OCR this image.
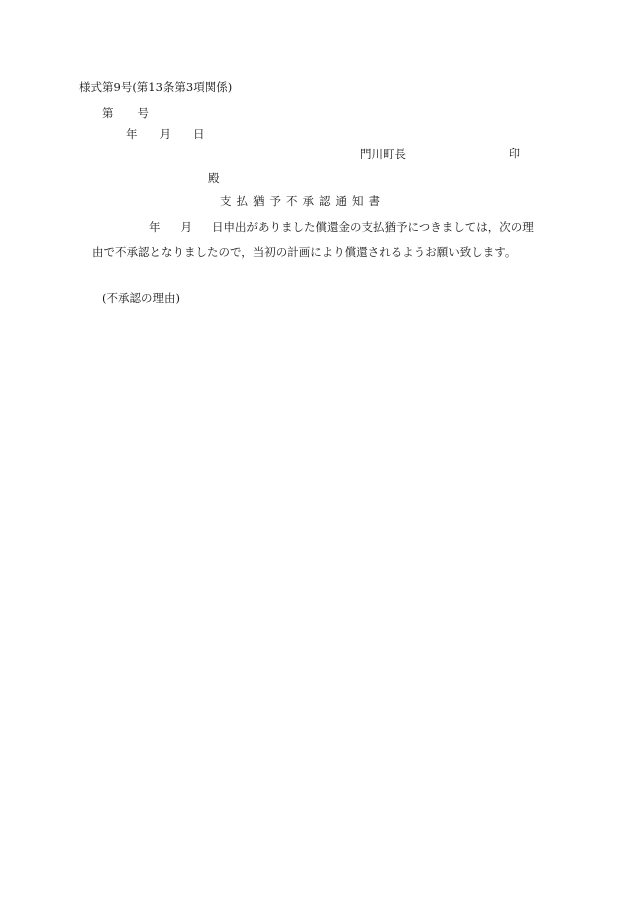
様式第9号(第13条第3項関係)
第 号
年 月 日
門川町長	印
殿
支払猶予不承認通知書
年 月 日申出がありました償還金の支払猶予につきましては，次の理
由で不承認となりましたので，当初の計画により償還されるようお願い致します。
(不承認の理由)
